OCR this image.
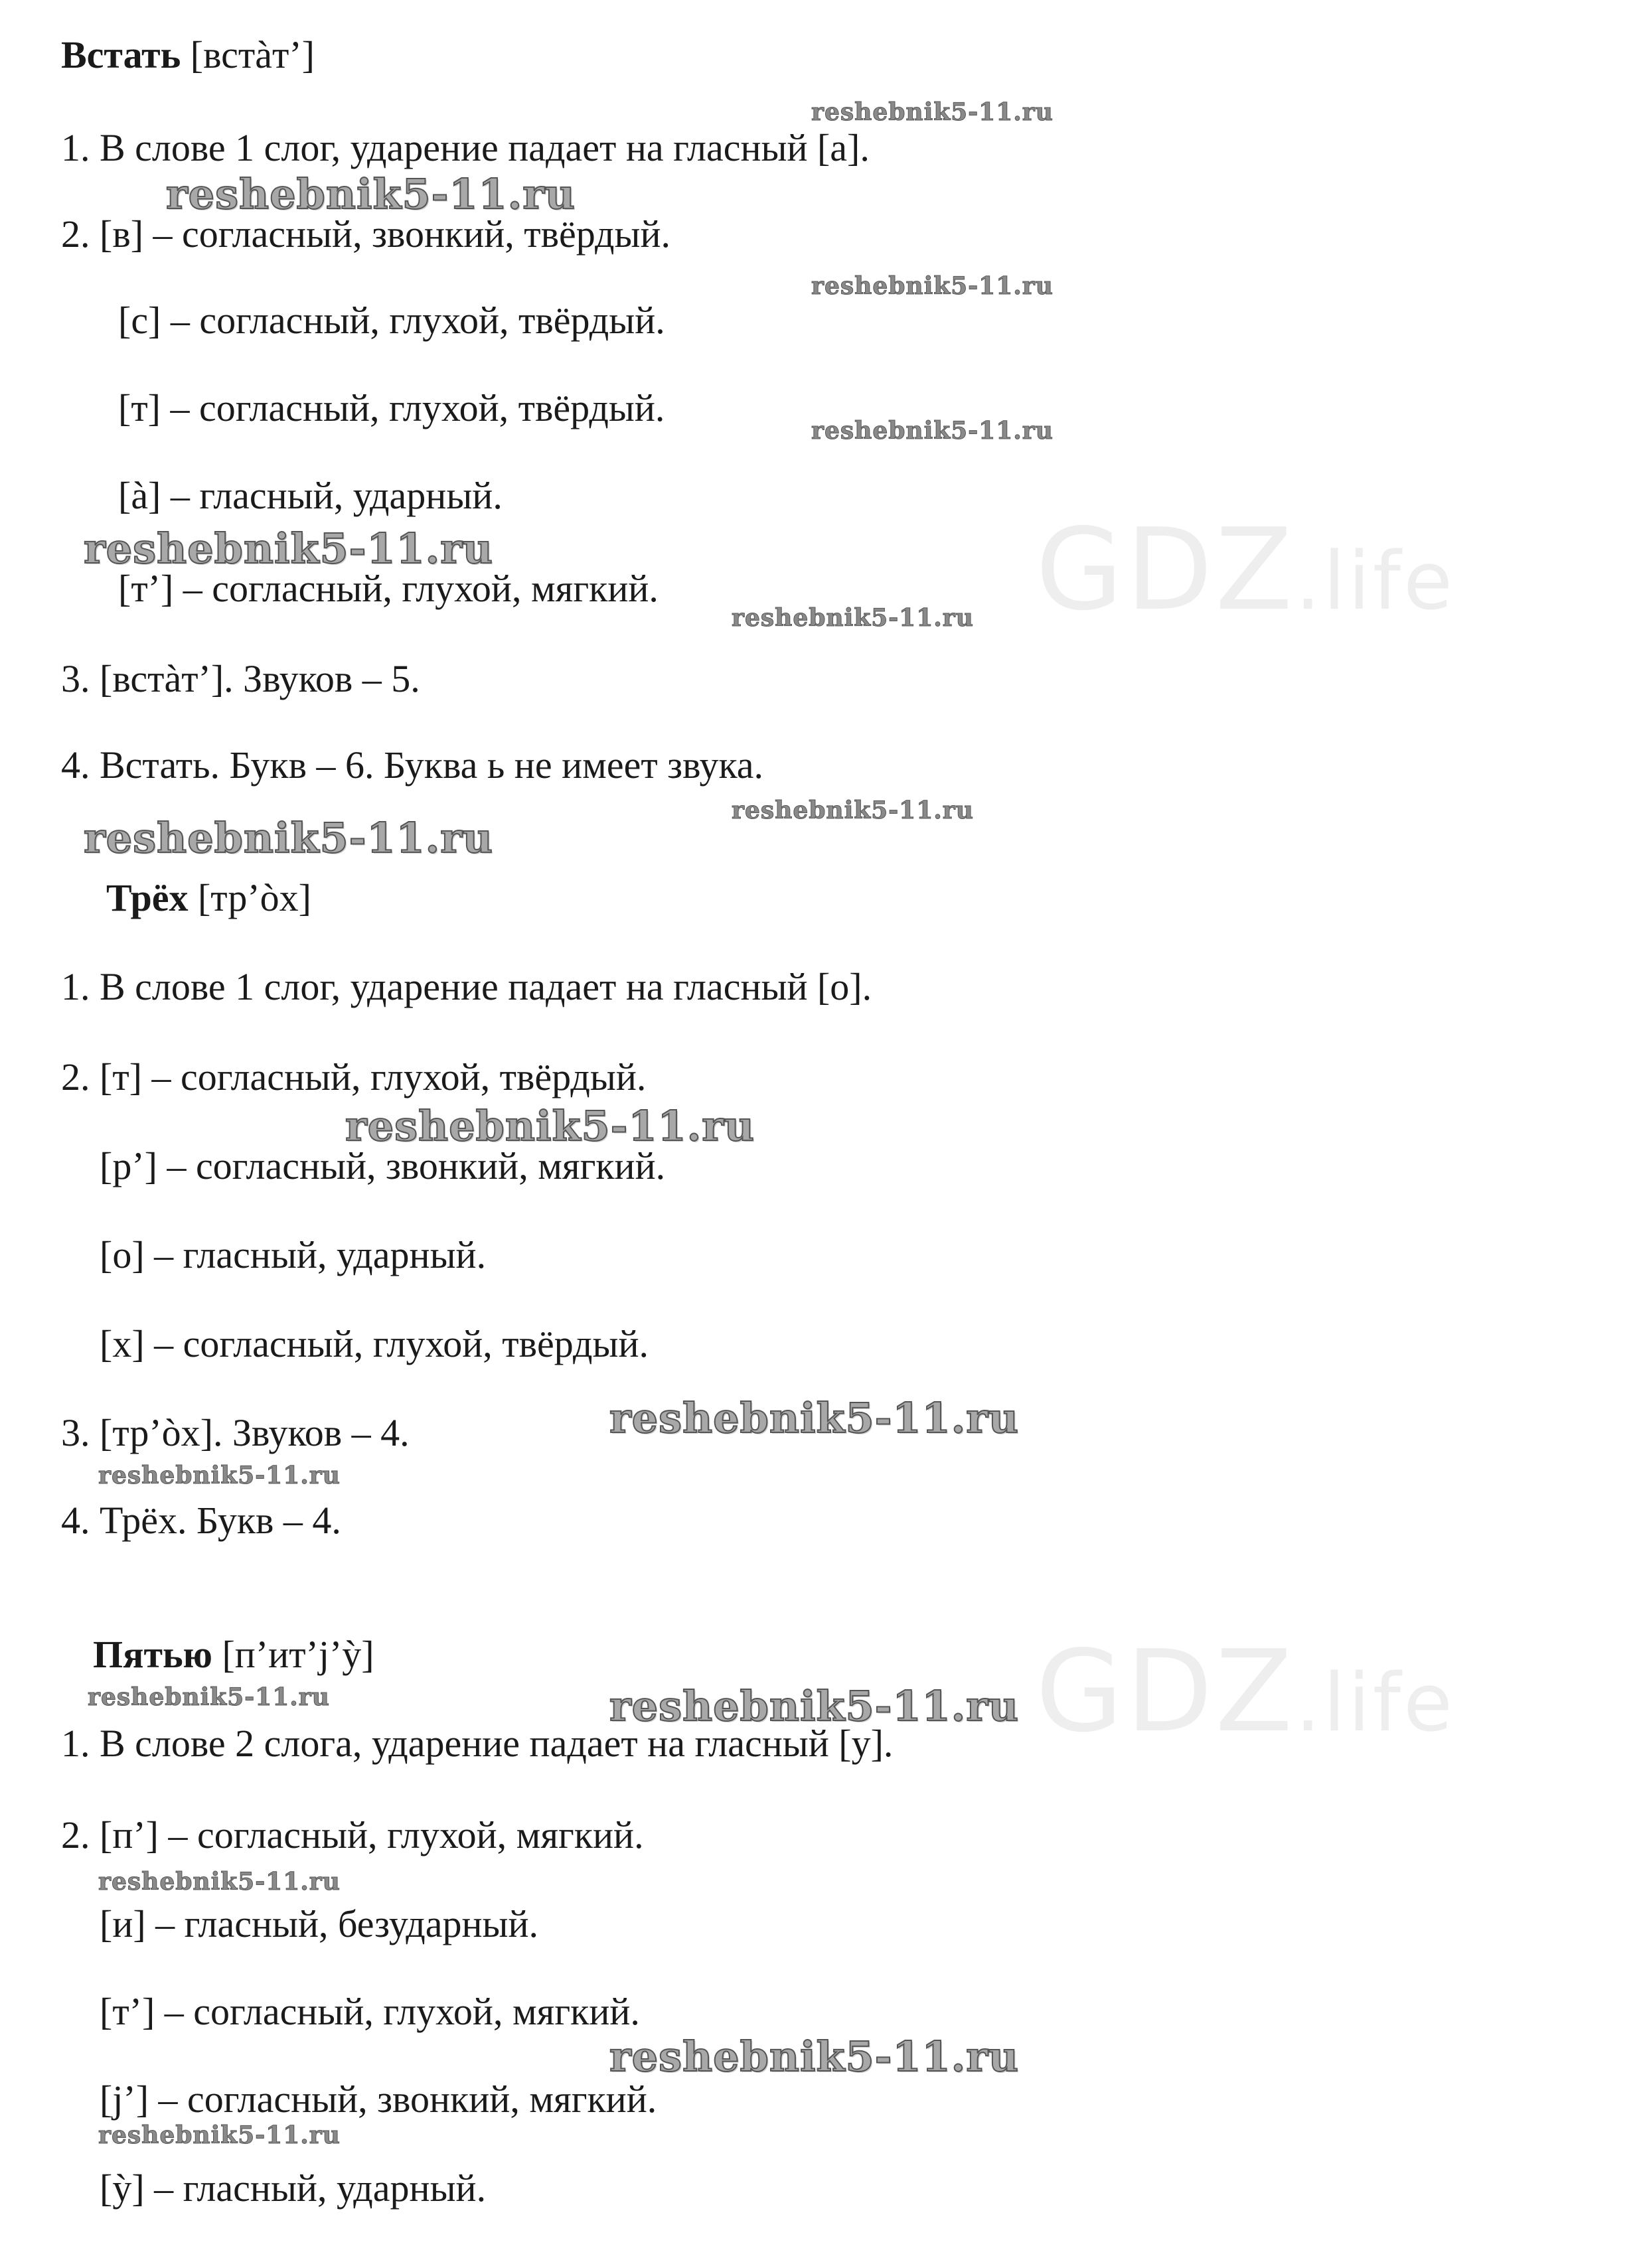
GDZ.life
GDZ.life
Встать [встàт’]

1. В слове 1 слог, ударение падает на гласный [а].

2. [в] – согласный, звонкий, твёрдый.

[с] – согласный, глухой, твёрдый.

[т] – согласный, глухой, твёрдый.

[à] – гласный, ударный.

[т’] – согласный, глухой, мягкий.

3. [встàт’]. Звуков – 5.

4. Встать. Букв – 6. Буква ь не имеет звука.

Трёх [тр’òх]

1. В слове 1 слог, ударение падает на гласный [о].

2. [т] – согласный, глухой, твёрдый.

[р’] – согласный, звонкий, мягкий.

[о] – гласный, ударный.

[х] – согласный, глухой, твёрдый.

3. [тр’òх]. Звуков – 4.

4. Трёх. Букв – 4.

Пятью [п’ит’j’ỳ]

1. В слове 2 слога, ударение падает на гласный [у].

2. [п’] – согласный, глухой, мягкий.

[и] – гласный, безударный.

[т’] – согласный, глухой, мягкий.

[j’] – согласный, звонкий, мягкий.

[ỳ] – гласный, ударный.

reshebnik5-11.ru
reshebnik5-11.ru
reshebnik5-11.ru
reshebnik5-11.ru
reshebnik5-11.ru
reshebnik5-11.ru
reshebnik5-11.ru
reshebnik5-11.ru
reshebnik5-11.ru
reshebnik5-11.ru
reshebnik5-11.ru
reshebnik5-11.ru	reshebnik5-11.ru
reshebnik5-11.ru
reshebnik5-11.ru
reshebnik5-11.ru
